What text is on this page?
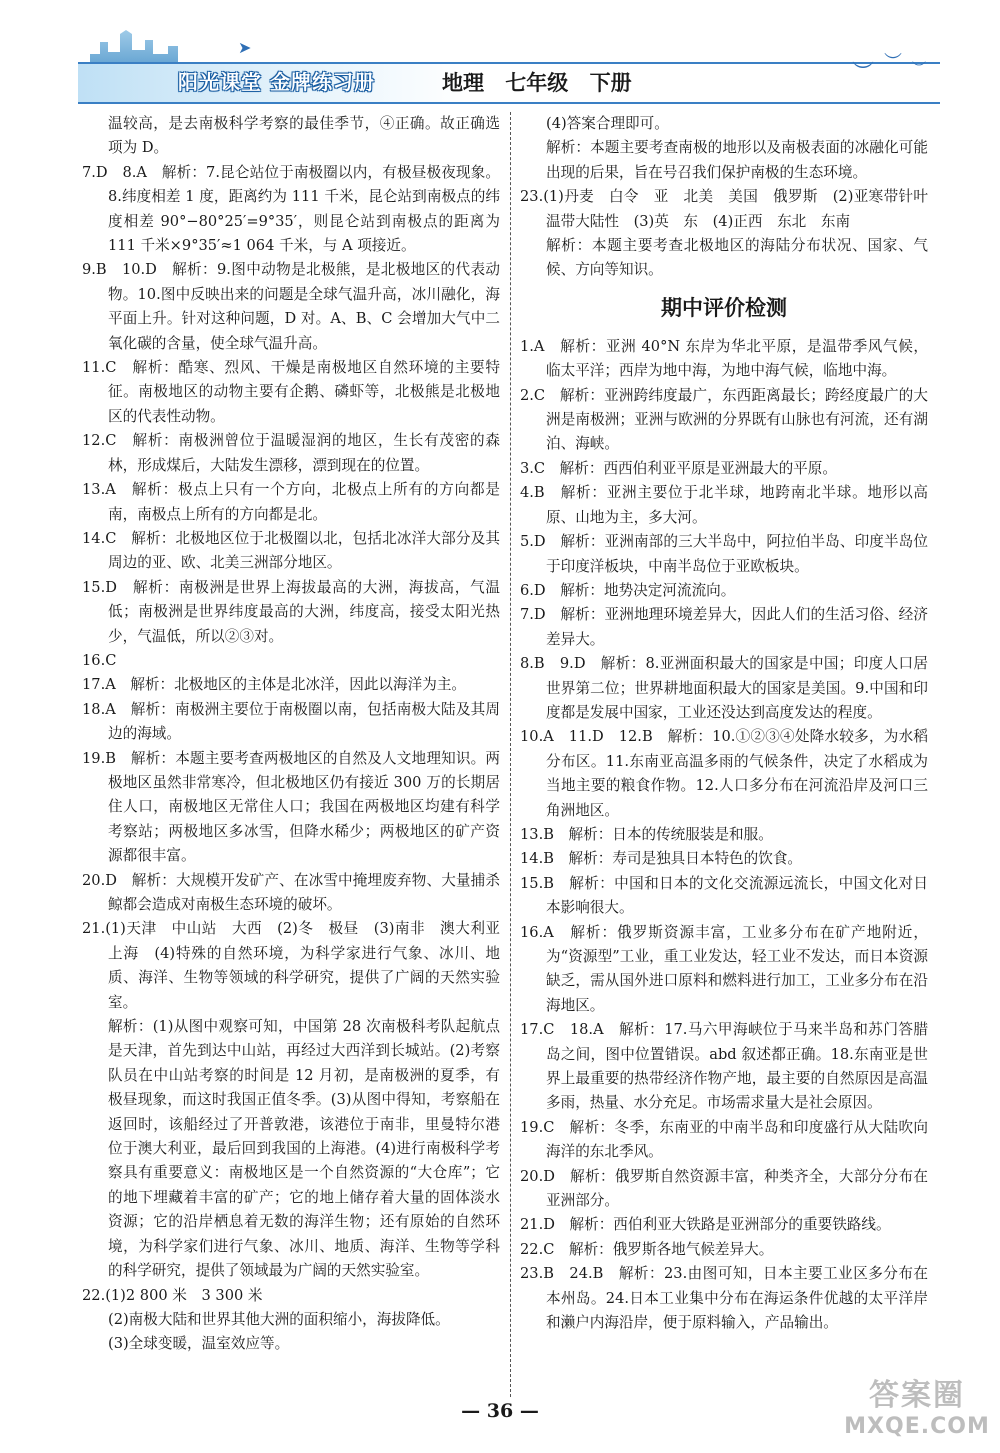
➤
阳光课堂 金牌练习册	地理 七年级 下册	︶ ︶ ︶

温较高，是去南极科学考察的最佳季节，④正确。故正确选项为 D。

7.D　8.A　解析：7.昆仑站位于南极圈以内，有极昼极夜现象。8.纬度相差 1 度，距离约为 111 千米，昆仑站到南极点的纬度相差 90°−80°25′=9°35′，则昆仑站到南极点的距离为 111 千米×9°35′≈1 064 千米，与 A 项接近。

9.B　10.D　解析：9.图中动物是北极熊，是北极地区的代表动物。10.图中反映出来的问题是全球气温升高，冰川融化，海平面上升。针对这种问题，D 对。A、B、C 会增加大气中二氧化碳的含量，使全球气温升高。

11.C　解析：酷寒、烈风、干燥是南极地区自然环境的主要特征。南极地区的动物主要有企鹅、磷虾等，北极熊是北极地区的代表性动物。

12.C　解析：南极洲曾位于温暖湿润的地区，生长有茂密的森林，形成煤后，大陆发生漂移，漂到现在的位置。

13.A　解析：极点上只有一个方向，北极点上所有的方向都是南，南极点上所有的方向都是北。

14.C　解析：北极地区位于北极圈以北，包括北冰洋大部分及其周边的亚、欧、北美三洲部分地区。

15.D　解析：南极洲是世界上海拔最高的大洲，海拔高，气温低；南极洲是世界纬度最高的大洲，纬度高，接受太阳光热少，气温低，所以②③对。

16.C

17.A　解析：北极地区的主体是北冰洋，因此以海洋为主。

18.A　解析：南极洲主要位于南极圈以南，包括南极大陆及其周边的海域。

19.B　解析：本题主要考查两极地区的自然及人文地理知识。两极地区虽然非常寒冷，但北极地区仍有接近 300 万的长期居住人口，南极地区无常住人口；我国在两极地区均建有科学考察站；两极地区多冰雪，但降水稀少；两极地区的矿产资源都很丰富。

20.D　解析：大规模开发矿产、在冰雪中掩埋废弃物、大量捕杀鲸都会造成对南极生态环境的破坏。

21.(1)天津　中山站　大西　(2)冬　极昼　(3)南非　澳大利亚　上海　(4)特殊的自然环境，为科学家进行气象、冰川、地质、海洋、生物等领域的科学研究，提供了广阔的天然实验室。

解析：(1)从图中观察可知，中国第 28 次南极科考队起航点是天津，首先到达中山站，再经过大西洋到长城站。(2)考察队员在中山站考察的时间是 12 月初，是南极洲的夏季，有极昼现象，而这时我国正值冬季。(3)从图中得知，考察船在返回时，该船经过了开普敦港，该港位于南非，里曼特尔港位于澳大利亚，最后回到我国的上海港。(4)进行南极科学考察具有重要意义：南极地区是一个自然资源的“大仓库”；它的地下埋藏着丰富的矿产；它的地上储存着大量的固体淡水资源；它的沿岸栖息着无数的海洋生物；还有原始的自然环境，为科学家们进行气象、冰川、地质、海洋、生物等学科的科学研究，提供了领域最为广阔的天然实验室。

22.(1)2 800 米　3 300 米

(2)南极大陆和世界其他大洲的面积缩小，海拔降低。

(3)全球变暖，温室效应等。

(4)答案合理即可。

解析：本题主要考查南极的地形以及南极表面的冰融化可能出现的后果，旨在号召我们保护南极的生态环境。

23.(1)丹麦　白令　亚　北美　美国　俄罗斯　(2)亚寒带针叶　温带大陆性　(3)英　东　(4)正西　东北　东南

解析：本题主要考查北极地区的海陆分布状况、国家、气候、方向等知识。

期中评价检测

1.A　解析：亚洲 40°N 东岸为华北平原，是温带季风气候，临太平洋；西岸为地中海，为地中海气候，临地中海。

2.C　解析：亚洲跨纬度最广，东西距离最长；跨经度最广的大洲是南极洲；亚洲与欧洲的分界既有山脉也有河流，还有湖泊、海峡。

3.C　解析：西西伯利亚平原是亚洲最大的平原。

4.B　解析：亚洲主要位于北半球，地跨南北半球。地形以高原、山地为主，多大河。

5.D　解析：亚洲南部的三大半岛中，阿拉伯半岛、印度半岛位于印度洋板块，中南半岛位于亚欧板块。

6.D　解析：地势决定河流流向。

7.D　解析：亚洲地理环境差异大，因此人们的生活习俗、经济差异大。

8.B　9.D　解析：8.亚洲面积最大的国家是中国；印度人口居世界第二位；世界耕地面积最大的国家是美国。9.中国和印度都是发展中国家，工业还没达到高度发达的程度。

10.A　11.D　12.B　解析：10.①②③④处降水较多，为水稻分布区。11.东南亚高温多雨的气候条件，决定了水稻成为当地主要的粮食作物。12.人口多分布在河流沿岸及河口三角洲地区。

13.B　解析：日本的传统服装是和服。

14.B　解析：寿司是独具日本特色的饮食。

15.B　解析：中国和日本的文化交流源远流长，中国文化对日本影响很大。

16.A　解析：俄罗斯资源丰富，工业多分布在矿产地附近，为“资源型”工业，重工业发达，轻工业不发达，而日本资源缺乏，需从国外进口原料和燃料进行加工，工业多分布在沿海地区。

17.C　18.A　解析：17.马六甲海峡位于马来半岛和苏门答腊岛之间，图中位置错误。abd 叙述都正确。18.东南亚是世界上最重要的热带经济作物产地，最主要的自然原因是高温多雨，热量、水分充足。市场需求量大是社会原因。

19.C　解析：冬季，东南亚的中南半岛和印度盛行从大陆吹向海洋的东北季风。

20.D　解析：俄罗斯自然资源丰富，种类齐全，大部分分布在亚洲部分。

21.D　解析：西伯利亚大铁路是亚洲部分的重要铁路线。

22.C　解析：俄罗斯各地气候差异大。

23.B　24.B　解析：23.由图可知，日本主要工业区多分布在本州岛。24.日本工业集中分布在海运条件优越的太平洋岸和濑户内海沿岸，便于原料输入，产品输出。

— 36 —	答案圈
MXQE.COM
